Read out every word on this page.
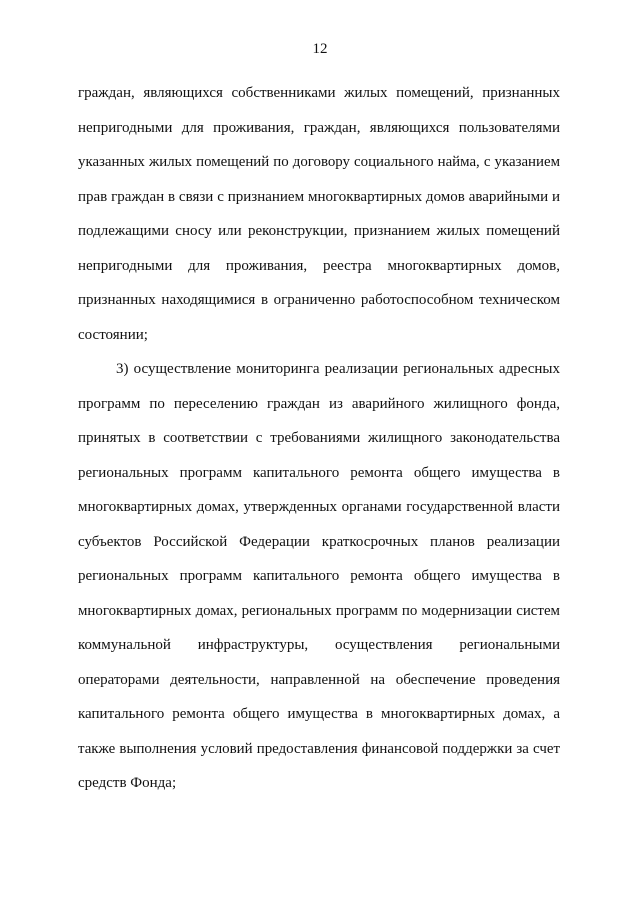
12
граждан, являющихся собственниками жилых помещений, признанных
непригодными для проживания, граждан, являющихся пользователями
указанных жилых помещений по договору социального найма, с указанием
прав граждан в связи с признанием многоквартирных домов аварийными и
подлежащими сносу или реконструкции, признанием жилых помещений
непригодными для проживания, реестра многоквартирных домов,
признанных находящимися в ограниченно работоспособном техническом
состоянии;
3) осуществление мониторинга реализации региональных адресных
программ по переселению граждан из аварийного жилищного фонда,
принятых в соответствии с требованиями жилищного законодательства
региональных программ капитального ремонта общего имущества в
многоквартирных домах, утвержденных органами государственной власти
субъектов Российской Федерации краткосрочных планов реализации
региональных программ капитального ремонта общего имущества в
многоквартирных домах, региональных программ по модернизации систем
коммунальной инфраструктуры, осуществления региональными
операторами деятельности, направленной на обеспечение проведения
капитального ремонта общего имущества в многоквартирных домах, а
также выполнения условий предоставления финансовой поддержки за счет
средств Фонда;
